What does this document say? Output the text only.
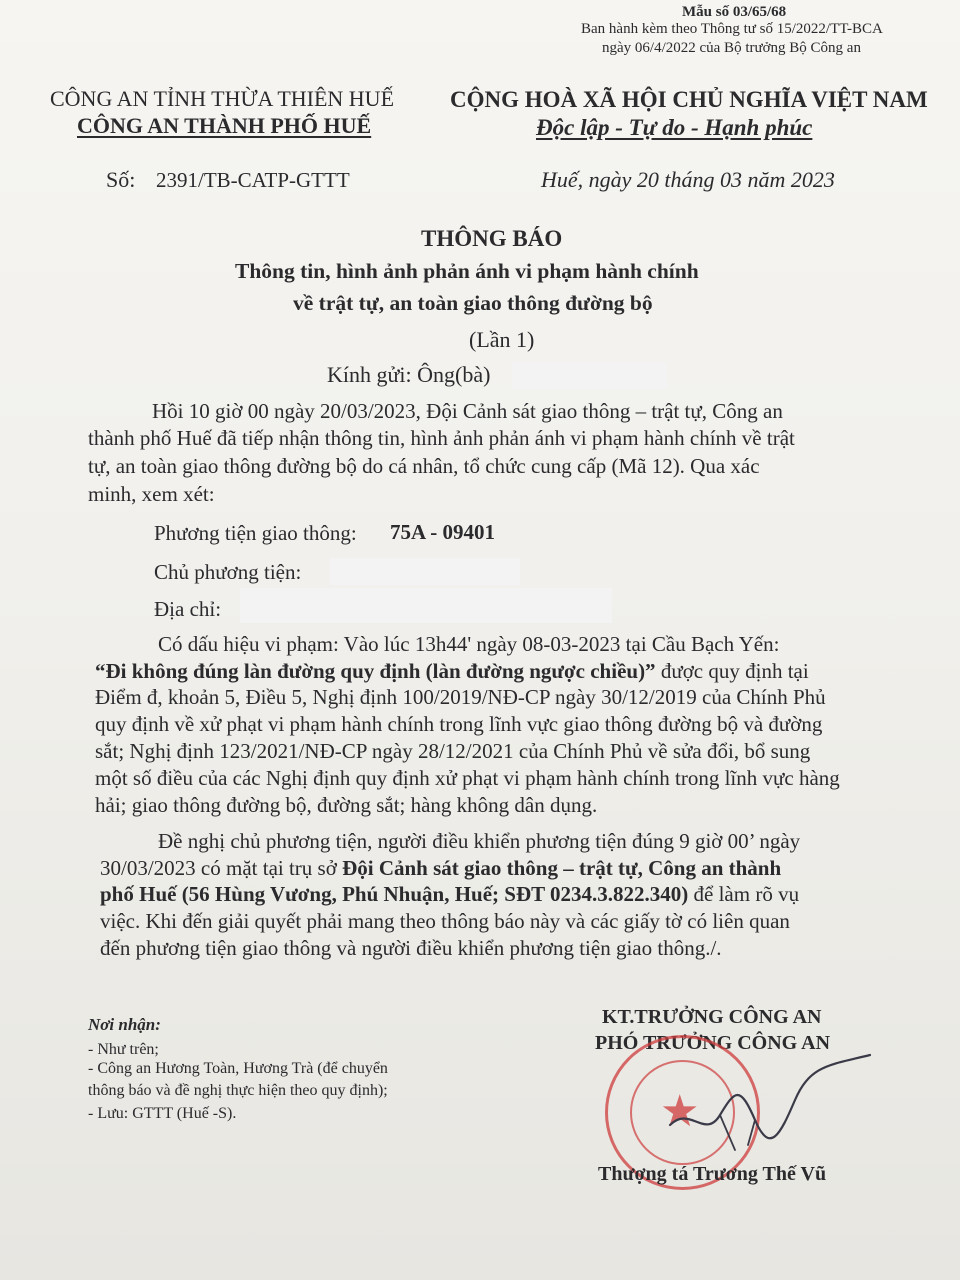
Mẫu số 03/65/68
Ban hành kèm theo Thông tư số 15/2022/TT-BCA
ngày 06/4/2022 của Bộ trưởng Bộ Công an
CÔNG AN TỈNH THỪA THIÊN HUẾ
CÔNG AN THÀNH PHỐ HUẾ
Số: 2391/TB-CATP-GTTT
CỘNG HOÀ XÃ HỘI CHỦ NGHĨA VIỆT NAM
Độc lập - Tự do - Hạnh phúc
Huế, ngày 20 tháng 03 năm 2023
THÔNG BÁO
Thông tin, hình ảnh phản ánh vi phạm hành chính
về trật tự, an toàn giao thông đường bộ
(Lần 1)
Kính gửi: Ông(bà)
Hồi 10 giờ 00 ngày 20/03/2023, Đội Cảnh sát giao thông – trật tự, Công an
thành phố Huế đã tiếp nhận thông tin, hình ảnh phản ánh vi phạm hành chính về trật
tự, an toàn giao thông đường bộ do cá nhân, tổ chức cung cấp (Mã 12). Qua xác
minh, xem xét:
Phương tiện giao thông: 75A - 09401
Chủ phương tiện:
Địa chỉ:
Có dấu hiệu vi phạm: Vào lúc 13h44' ngày 08-03-2023 tại Cầu Bạch Yến:
“Đi không đúng làn đường quy định (làn đường ngược chiều)” được quy định tại
Điểm đ, khoản 5, Điều 5, Nghị định 100/2019/NĐ-CP ngày 30/12/2019 của Chính Phủ
quy định về xử phạt vi phạm hành chính trong lĩnh vực giao thông đường bộ và đường
sắt; Nghị định 123/2021/NĐ-CP ngày 28/12/2021 của Chính Phủ về sửa đổi, bổ sung
một số điều của các Nghị định quy định xử phạt vi phạm hành chính trong lĩnh vực hàng
hải; giao thông đường bộ, đường sắt; hàng không dân dụng.
Đề nghị chủ phương tiện, người điều khiển phương tiện đúng 9 giờ 00’ ngày
30/03/2023 có mặt tại trụ sở Đội Cảnh sát giao thông – trật tự, Công an thành
phố Huế (56 Hùng Vương, Phú Nhuận, Huế; SĐT 0234.3.822.340) để làm rõ vụ
việc. Khi đến giải quyết phải mang theo thông báo này và các giấy tờ có liên quan
đến phương tiện giao thông và người điều khiển phương tiện giao thông./.
Nơi nhận:
- Như trên;
- Công an Hương Toàn, Hương Trà (để chuyển
thông báo và đề nghị thực hiện theo quy định);
- Lưu: GTTT (Huế -S).
KT.TRƯỞNG CÔNG AN
PHÓ TRƯỞNG CÔNG AN
★
Thượng tá Trương Thế Vũ
